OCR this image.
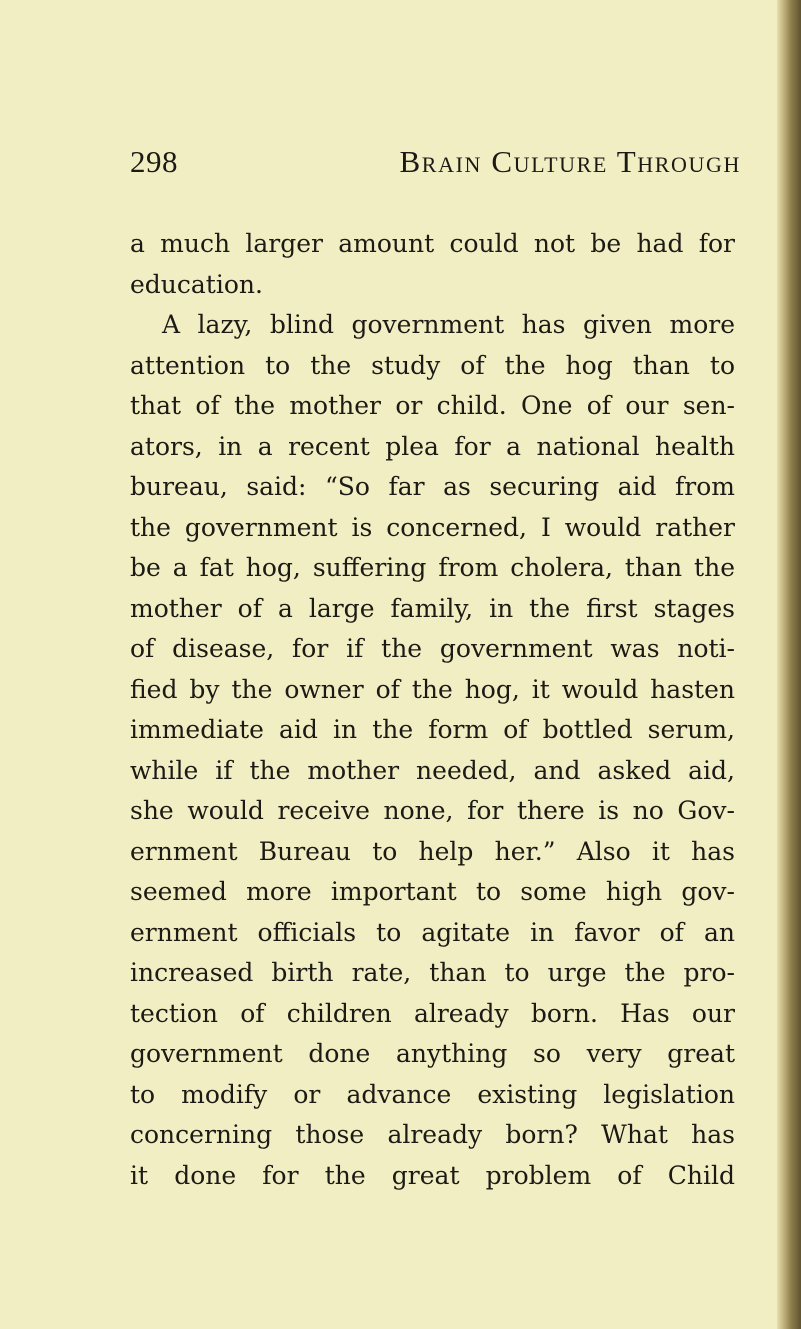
298	Brain Culture Through
a much larger amount could not be had for
education.
A lazy, blind government has given more
attention to the study of the hog than to
that of the mother or child. One of our sen-
ators, in a recent plea for a national health
bureau, said: “So far as securing aid from
the government is concerned, I would rather
be a fat hog, suffering from cholera, than the
mother of a large family, in the first stages
of disease, for if the government was noti-
fied by the owner of the hog, it would hasten
immediate aid in the form of bottled serum,
while if the mother needed, and asked aid,
she would receive none, for there is no Gov-
ernment Bureau to help her.” Also it has
seemed more important to some high gov-
ernment officials to agitate in favor of an
increased birth rate, than to urge the pro-
tection of children already born. Has our
government done anything so very great
to modify or advance existing legislation
concerning those already born? What has
it done for the great problem of Child
